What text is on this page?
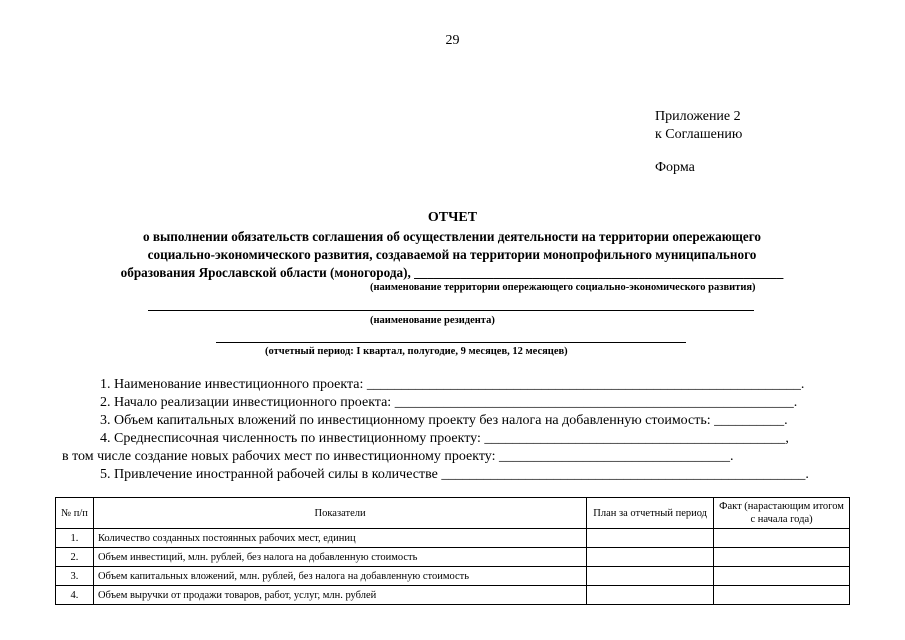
29
Приложение 2
к Соглашению
Форма
ОТЧЕТ
о выполнении обязательств соглашения об осуществлении деятельности на территории опережающего
социально-экономического развития, создаваемой на территории монопрофильного муниципального
образования Ярославской области (моногорода), ________________________________________________________
(наименование территории опережающего социально-экономического развития)
(наименование резидента)
(отчетный период: I квартал, полугодие, 9 месяцев, 12 месяцев)
1. Наименование инвестиционного проекта: ______________________________________________________________.
2. Начало реализации инвестиционного проекта: _________________________________________________________.
3. Объем капитальных вложений по инвестиционному проекту без налога на добавленную стоимость: __________.
4. Среднесписочная численность по инвестиционному проекту: ___________________________________________,
в том числе создание новых рабочих мест по инвестиционному проекту: _________________________________.
5. Привлечение иностранной рабочей силы в количестве ____________________________________________________.
№ п/п	Показатели	План за отчетный период	Факт (нарастающим итогом с начала года)
1.	Количество созданных постоянных рабочих мест, единиц		
2.	Объем инвестиций, млн. рублей, без налога на добавленную стоимость		
3.	Объем капитальных вложений, млн. рублей, без налога на добавленную стоимость		
4.	Объем выручки от продажи товаров, работ, услуг, млн. рублей		
